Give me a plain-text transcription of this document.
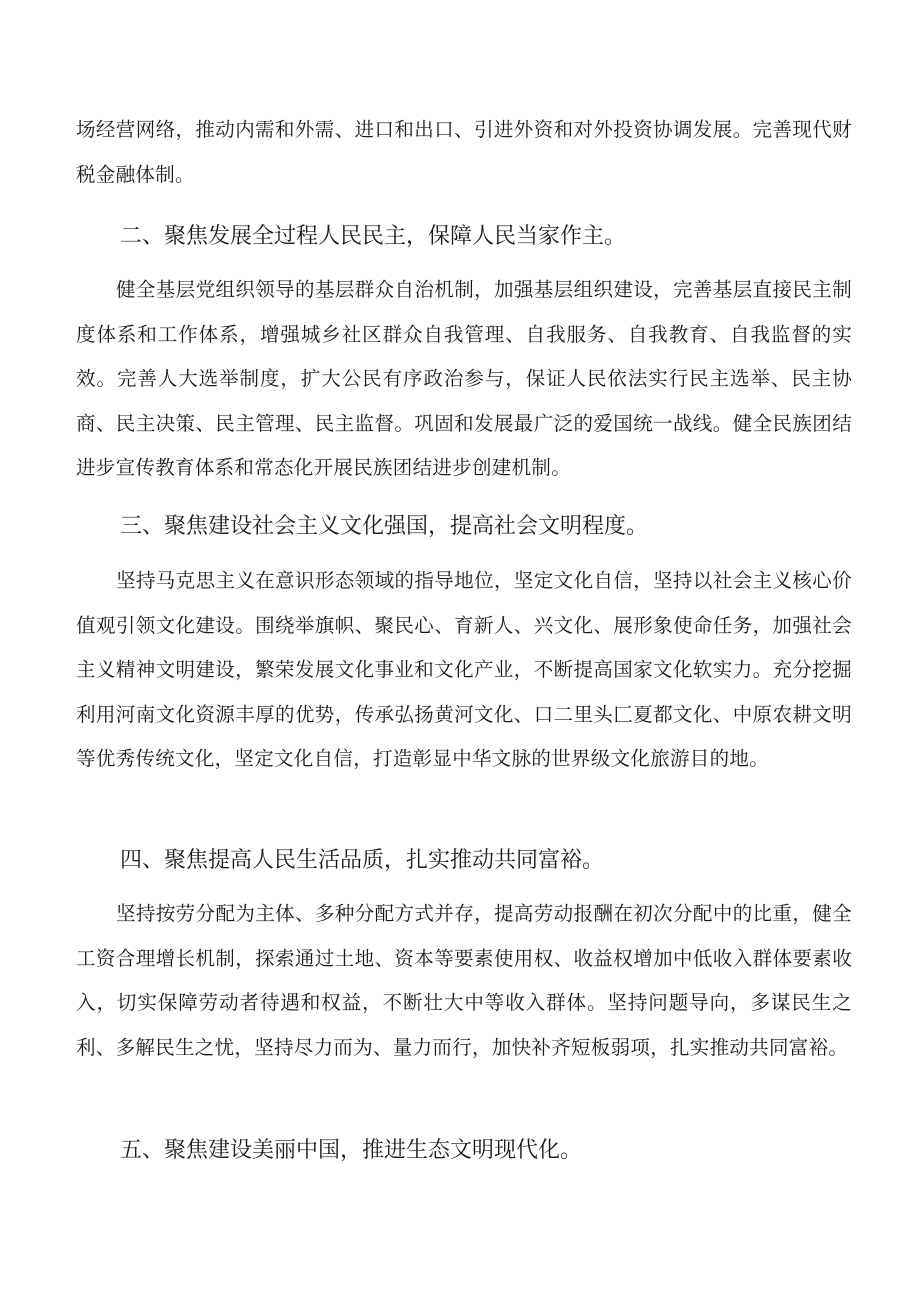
场经营网络，推动内需和外需、进口和出口、引进外资和对外投资协调发展。完善现代财税金融体制。

二、聚焦发展全过程人民民主，保障人民当家作主。

健全基层党组织领导的基层群众自治机制，加强基层组织建设，完善基层直接民主制度体系和工作体系，增强城乡社区群众自我管理、自我服务、自我教育、自我监督的实效。完善人大选举制度，扩大公民有序政治参与，保证人民依法实行民主选举、民主协商、民主决策、民主管理、民主监督。巩固和发展最广泛的爱国统一战线。健全民族团结进步宣传教育体系和常态化开展民族团结进步创建机制。

三、聚焦建设社会主义文化强国，提高社会文明程度。

坚持马克思主义在意识形态领域的指导地位，坚定文化自信，坚持以社会主义核心价值观引领文化建设。围绕举旗帜、聚民心、育新人、兴文化、展形象使命任务，加强社会主义精神文明建设，繁荣发展文化事业和文化产业，不断提高国家文化软实力。充分挖掘利用河南文化资源丰厚的优势，传承弘扬黄河文化、口二里头匚夏都文化、中原农耕文明等优秀传统文化，坚定文化自信，打造彰显中华文脉的世界级文化旅游目的地。

四、聚焦提高人民生活品质，扎实推动共同富裕。

坚持按劳分配为主体、多种分配方式并存，提高劳动报酬在初次分配中的比重，健全工资合理增长机制，探索通过土地、资本等要素使用权、收益权增加中低收入群体要素收入，切实保障劳动者待遇和权益，不断壮大中等收入群体。坚持问题导向，多谋民生之利、多解民生之忧，坚持尽力而为、量力而行，加快补齐短板弱项，扎实推动共同富裕。

五、聚焦建设美丽中国，推进生态文明现代化。
